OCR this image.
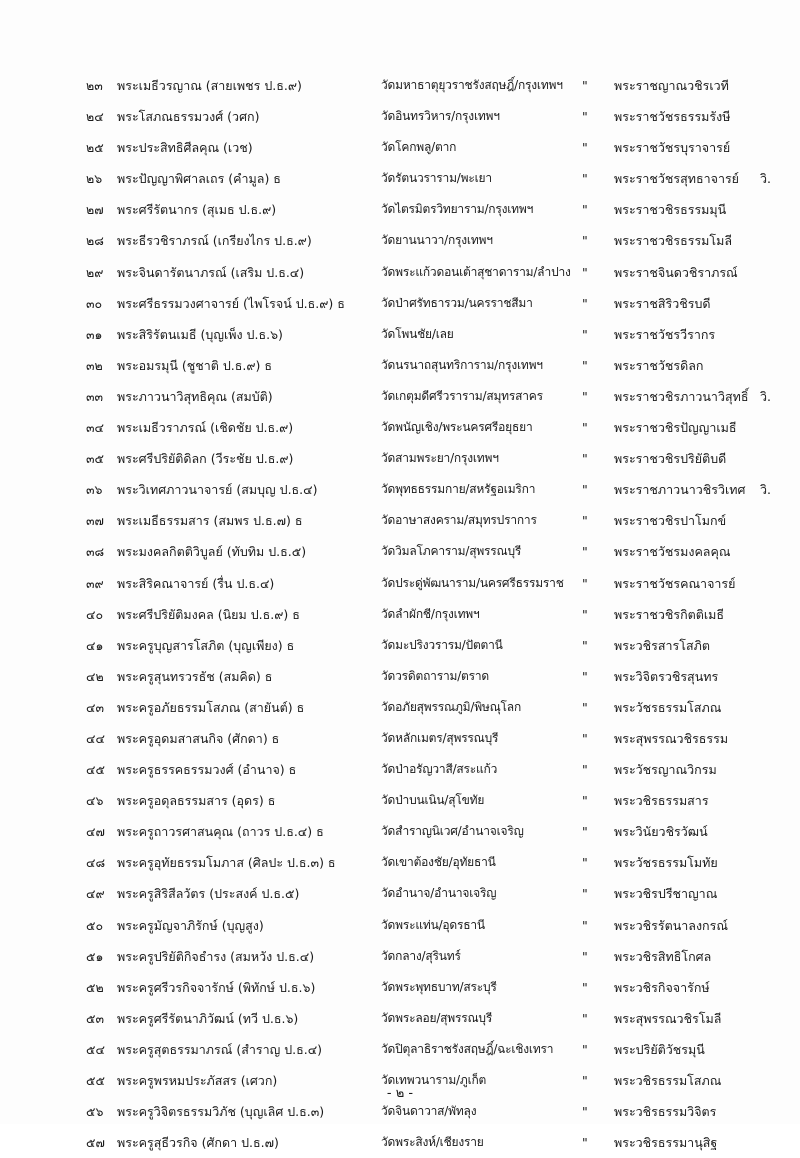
๒๓ พระเมธีวรญาณ (สายเพชร ป.ธ.๙)	วัดมหาธาตุยุวราชรังสฤษฎิ์/กรุงเทพฯ " พระราชญาณวชิรเวที
๒๔ พระโสภณธรรมวงศ์ (วศก)	วัดอินทรวิหาร/กรุงเทพฯ	" พระราชวัชรธรรมรังษี
๒๕ พระประสิทธิศีลคุณ (เวช)	วัดโคกพลู/ตาก	" พระราชวัชรบุราจารย์
๒๖ พระปัญญาพิศาลเถร (คำมูล) ธ	วัดรัตนวราราม/พะเยา	" พระราชวัชรสุทธาจารย์ วิ.
๒๗ พระศรีรัตนากร (สุเมธ ป.ธ.๙)	วัดไตรมิตรวิทยาราม/กรุงเทพฯ	" พระราชวชิรธรรมมุนี
๒๘ พระธีรวชิราภรณ์ (เกรียงไกร ป.ธ.๙)	วัดยานนาวา/กรุงเทพฯ	" พระราชวชิรธรรมโมลี
๒๙ พระจินดารัตนาภรณ์ (เสริม ป.ธ.๔)	วัดพระแก้วดอนเต้าสุชาดาราม/ลำปาง " พระราชจินดวชิราภรณ์
๓๐ พระศรีธรรมวงศาจารย์ (ไพโรจน์ ป.ธ.๙) ธ	วัดป่าศรัทธารวม/นครราชสีมา	" พระราชสิริวชิรบดี
๓๑ พระสิริรัตนเมธี (บุญเพ็ง ป.ธ.๖)	วัดโพนชัย/เลย	" พระราชวัชรวีรากร
๓๒ พระอมรมุนี (ชูชาติ ป.ธ.๙) ธ	วัดนรนาถสุนทริการาม/กรุงเทพฯ	" พระราชวัชรดิลก
๓๓ พระภาวนาวิสุทธิคุณ (สมบัติ)	วัดเกตุมดีศรีวราราม/สมุทรสาคร	" พระราชวชิรภาวนาวิสุทธิ์ วิ.
๓๔ พระเมธีวราภรณ์ (เชิดชัย ป.ธ.๙)	วัดพนัญเชิง/พระนครศรีอยุธยา	" พระราชวชิรปัญญาเมธี
๓๕ พระศรีปริยัติดิลก (วีระชัย ป.ธ.๙)	วัดสามพระยา/กรุงเทพฯ	" พระราชวชิรปริยัติบดี
๓๖ พระวิเทศภาวนาจารย์ (สมบุญ ป.ธ.๔)	วัดพุทธธรรมกาย/สหรัฐอเมริกา	" พระราชภาวนาวชิรวิเทศ วิ.
๓๗ พระเมธีธรรมสาร (สมพร ป.ธ.๗) ธ	วัดอาษาสงคราม/สมุทรปราการ	" พระราชวชิรปาโมกข์
๓๘ พระมงคลกิตติวิบูลย์ (ทับทิม ป.ธ.๕)	วัดวิมลโภคาราม/สุพรรณบุรี	" พระราชวัชรมงคลคุณ
๓๙ พระสิริคณาจารย์ (รื่น ป.ธ.๔)	วัดประดู่พัฒนาราม/นครศรีธรรมราช " พระราชวัชรคณาจารย์
๔๐ พระศรีปริยัติมงคล (นิยม ป.ธ.๙) ธ	วัดลำผักชี/กรุงเทพฯ	" พระราชวชิรกิตติเมธี
๔๑ พระครูบุญสารโสภิต (บุญเพียง) ธ	วัดมะปริงวรารม/ปัตตานี	" พระวชิรสารโสภิต
๔๒ พระครูสุนทรวรธัช (สมคิด) ธ	วัดวรดิตถาราม/ตราด	" พระวิจิตรวชิรสุนทร
๔๓ พระครูอภัยธรรมโสภณ (สายันต์) ธ	วัดอภัยสุพรรณภูมิ/พิษณุโลก	" พระวัชรธรรมโสภณ
๔๔ พระครูอุดมสาสนกิจ (ศักดา) ธ	วัดหลักเมตร/สุพรรณบุรี	" พระสุพรรณวชิรธรรม
๔๕ พระครูธรรคธรรมวงศ์ (อำนาจ) ธ	วัดป่าอรัญวาสี/สระแก้ว	" พระวัชรญาณวิกรม
๔๖ พระครูอดุลธรรมสาร (อุดร) ธ	วัดป่าบนเนิน/สุโขทัย	" พระวชิรธรรมสาร
๔๗ พระครูถาวรศาสนคุณ (ถาวร ป.ธ.๔) ธ	วัดสำราญนิเวศ/อำนาจเจริญ	" พระวินัยวชิรวัฒน์
๔๘ พระครูอุทัยธรรมโมภาส (ศิลปะ ป.ธ.๓) ธ	วัดเขาต้องชัย/อุทัยธานี	" พระวัชรธรรมโมทัย
๔๙ พระครูสิริสีลวัตร (ประสงค์ ป.ธ.๕)	วัดอำนาจ/อำนาจเจริญ	" พระวชิรปรีชาญาณ
๕๐ พระครูมัญจาภิรักษ์ (บุญสูง)	วัดพระแท่น/อุดรธานี	" พระวชิรรัตนาลงกรณ์
๕๑ พระครูปริยัติกิจธำรง (สมหวัง ป.ธ.๔)	วัดกลาง/สุรินทร์	" พระวชิรสิทธิโกศล
๕๒ พระครูศรีวรกิจจารักษ์ (พิทักษ์ ป.ธ.๖)	วัดพระพุทธบาท/สระบุรี	" พระวชิรกิจจารักษ์
๕๓ พระครูศรีรัตนาภิวัฒน์ (ทวี ป.ธ.๖)	วัดพระลอย/สุพรรณบุรี	" พระสุพรรณวชิรโมลี
๕๔ พระครูสุตธรรมาภรณ์ (สำราญ ป.ธ.๔)	วัดปิตุลาธิราชรังสฤษฎิ์/ฉะเชิงเทรา " พระปริยัติวัชรมุนี
๕๕ พระครูพรหมประภัสสร (เศวก)	วัดเทพวนาราม/ภูเก็ต	" พระวชิรธรรมโสภณ
๕๖ พระครูวิจิตรธรรมวิภัช (บุญเลิศ ป.ธ.๓)	วัดจินดาวาส/พัทลุง	" พระวชิรธรรมวิจิตร
๕๗ พระครูสุธีวรกิจ (ศักดา ป.ธ.๗)	วัดพระสิงห์/เชียงราย	" พระวชิรธรรมานุสิฐ
- ๒ -
